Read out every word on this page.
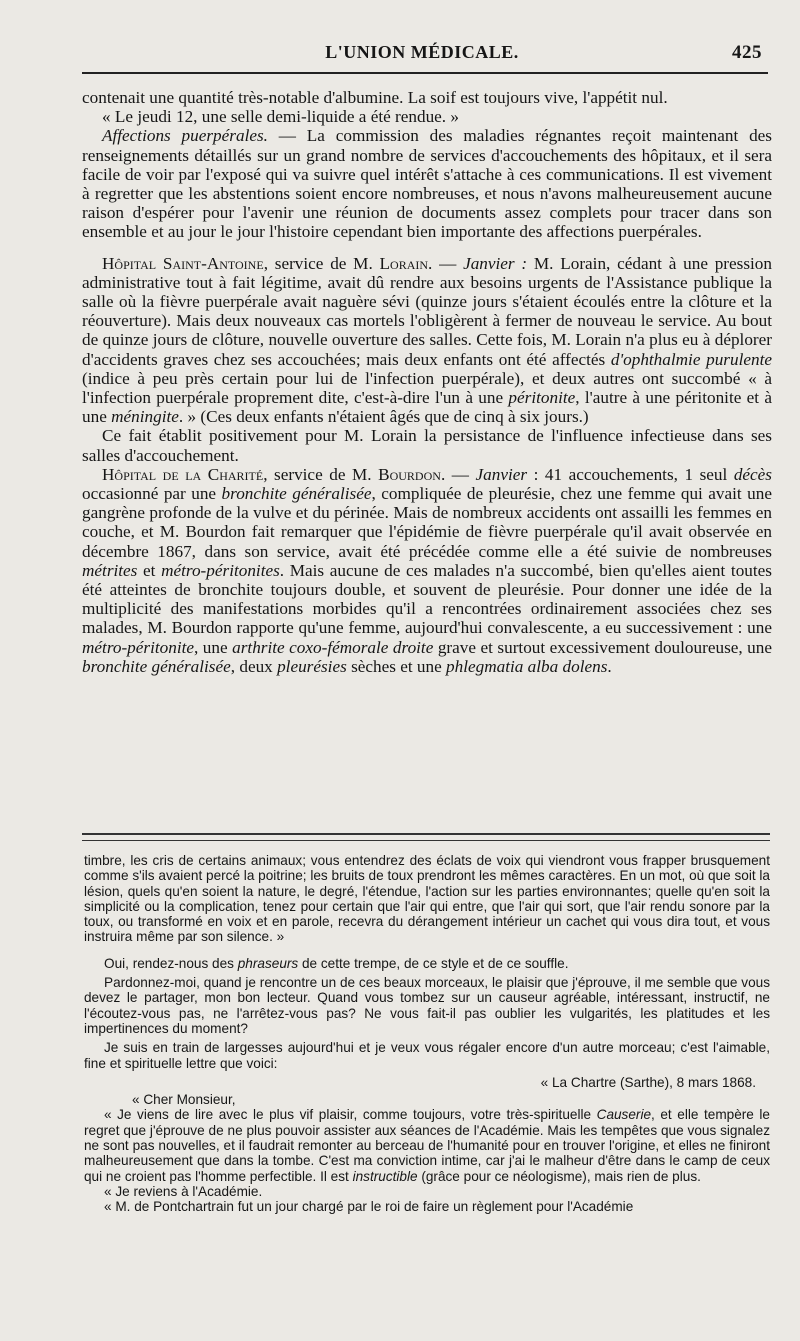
L'UNION MÉDICALE.	425

contenait une quantité très-notable d'albumine. La soif est toujours vive, l'appétit nul.

« Le jeudi 12, une selle demi-liquide a été rendue. »

Affections puerpérales. — La commission des maladies régnantes reçoit maintenant des renseignements détaillés sur un grand nombre de services d'accouchements des hôpitaux, et il sera facile de voir par l'exposé qui va suivre quel intérêt s'attache à ces communications. Il est vivement à regretter que les abstentions soient encore nombreuses, et nous n'avons malheureusement aucune raison d'espérer pour l'avenir une réunion de documents assez complets pour tracer dans son ensemble et au jour le jour l'histoire cependant bien importante des affections puerpérales.

Hôpital Saint-Antoine, service de M. Lorain. — Janvier : M. Lorain, cédant à une pression administrative tout à fait légitime, avait dû rendre aux besoins urgents de l'Assistance publique la salle où la fièvre puerpérale avait naguère sévi (quinze jours s'étaient écoulés entre la clôture et la réouverture). Mais deux nouveaux cas mortels l'obligèrent à fermer de nouveau le service. Au bout de quinze jours de clôture, nouvelle ouverture des salles. Cette fois, M. Lorain n'a plus eu à déplorer d'accidents graves chez ses accouchées; mais deux enfants ont été affectés d'ophthalmie purulente (indice à peu près certain pour lui de l'infection puerpérale), et deux autres ont succombé « à l'infection puerpérale proprement dite, c'est-à-dire l'un à une péritonite, l'autre à une péritonite et à une méningite. » (Ces deux enfants n'étaient âgés que de cinq à six jours.)

Ce fait établit positivement pour M. Lorain la persistance de l'influence infectieuse dans ses salles d'accouchement.

Hôpital de la Charité, service de M. Bourdon. — Janvier : 41 accouchements, 1 seul décès occasionné par une bronchite généralisée, compliquée de pleurésie, chez une femme qui avait une gangrène profonde de la vulve et du périnée. Mais de nombreux accidents ont assailli les femmes en couche, et M. Bourdon fait remarquer que l'épidémie de fièvre puerpérale qu'il avait observée en décembre 1867, dans son service, avait été précédée comme elle a été suivie de nombreuses métrites et métro-péritonites. Mais aucune de ces malades n'a succombé, bien qu'elles aient toutes été atteintes de bronchite toujours double, et souvent de pleurésie. Pour donner une idée de la multiplicité des manifestations morbides qu'il a rencontrées ordinairement associées chez ses malades, M. Bourdon rapporte qu'une femme, aujourd'hui convalescente, a eu successivement : une métro-péritonite, une arthrite coxo-fémorale droite grave et surtout excessivement douloureuse, une bronchite généralisée, deux pleurésies sèches et une phlegmatia alba dolens.

timbre, les cris de certains animaux; vous entendrez des éclats de voix qui viendront vous frapper brusquement comme s'ils avaient percé la poitrine; les bruits de toux prendront les mêmes caractères. En un mot, où que soit la lésion, quels qu'en soient la nature, le degré, l'étendue, l'action sur les parties environnantes; quelle qu'en soit la simplicité ou la complication, tenez pour certain que l'air qui entre, que l'air qui sort, que l'air rendu sonore par la toux, ou transformé en voix et en parole, recevra du dérangement intérieur un cachet qui vous dira tout, et vous instruira même par son silence. »

Oui, rendez-nous des phraseurs de cette trempe, de ce style et de ce souffle.

Pardonnez-moi, quand je rencontre un de ces beaux morceaux, le plaisir que j'éprouve, il me semble que vous devez le partager, mon bon lecteur. Quand vous tombez sur un causeur agréable, intéressant, instructif, ne l'écoutez-vous pas, ne l'arrêtez-vous pas? Ne vous fait-il pas oublier les vulgarités, les platitudes et les impertinences du moment?

Je suis en train de largesses aujourd'hui et je veux vous régaler encore d'un autre morceau; c'est l'aimable, fine et spirituelle lettre que voici:

« La Chartre (Sarthe), 8 mars 1868.

« Cher Monsieur,

« Je viens de lire avec le plus vif plaisir, comme toujours, votre très-spirituelle Causerie, et elle tempère le regret que j'éprouve de ne plus pouvoir assister aux séances de l'Académie. Mais les tempêtes que vous signalez ne sont pas nouvelles, et il faudrait remonter au berceau de l'humanité pour en trouver l'origine, et elles ne finiront malheureusement que dans la tombe. C'est ma conviction intime, car j'ai le malheur d'être dans le camp de ceux qui ne croient pas l'homme perfectible. Il est instructible (grâce pour ce néologisme), mais rien de plus.

« Je reviens à l'Académie.

« M. de Pontchartrain fut un jour chargé par le roi de faire un règlement pour l'Académie
